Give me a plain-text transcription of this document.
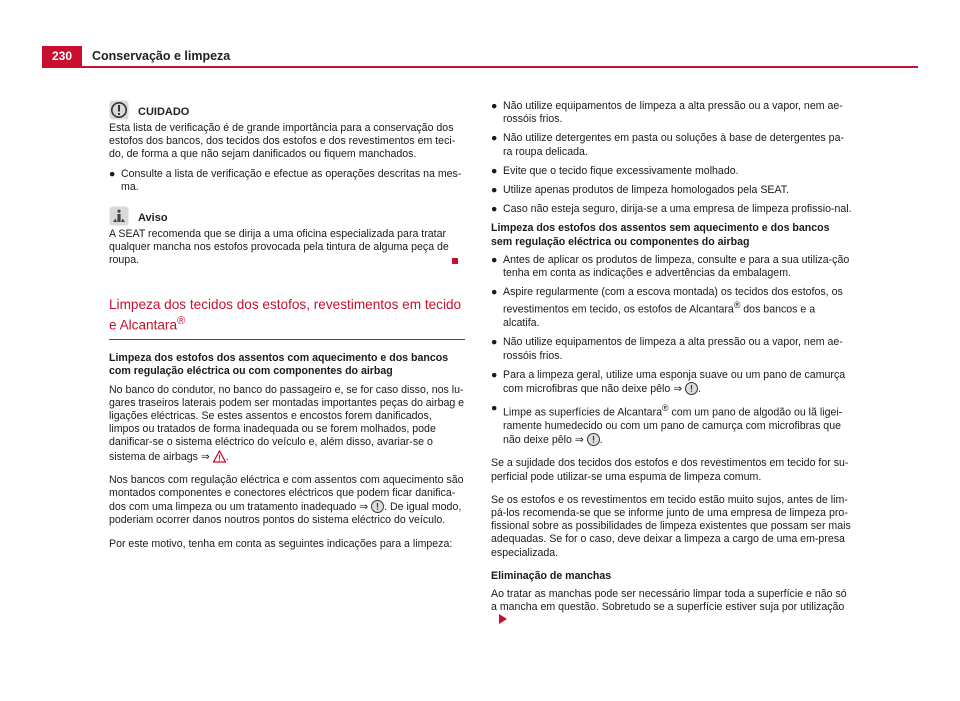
230	Conservação e limpeza
CUIDADO

Esta lista de verificação é de grande importância para a conservação dos estofos dos bancos, dos tecidos dos estofos e dos revestimentos em teci-do, de forma a que não sejam danificados ou fiquem manchados.

● Consulte a lista de verificação e efectue as operações descritas na mes-ma.
Aviso

A SEAT recomenda que se dirija a uma oficina especializada para tratar qualquer mancha nos estofos provocada pela tintura de alguma peça de roupa.

Limpeza dos tecidos dos estofos, revestimentos em tecido e Alcantara®

Limpeza dos estofos dos assentos com aquecimento e dos bancos com regulação eléctrica ou com componentes do airbag

No banco do condutor, no banco do passageiro e, se for caso disso, nos lu-gares traseiros laterais podem ser montadas importantes peças do airbag e ligações eléctricas. Se estes assentos e encostos forem danificados, limpos ou tratados de forma inadequada ou se forem molhados, pode danificar-se o sistema eléctrico do veículo e, além disso, avariar-se o sistema de airbags ⇒ .

Nos bancos com regulação eléctrica e com assentos com aquecimento são montados componentes e conectores eléctricos que podem ficar danifica-dos com uma limpeza ou um tratamento inadequado ⇒ . De igual modo, poderiam ocorrer danos noutros pontos do sistema eléctrico do veículo.

Por este motivo, tenha em conta as seguintes indicações para a limpeza:

● Não utilize equipamentos de limpeza a alta pressão ou a vapor, nem ae-rossóis frios.
● Não utilize detergentes em pasta ou soluções à base de detergentes pa-ra roupa delicada.
● Evite que o tecido fique excessivamente molhado.
● Utilize apenas produtos de limpeza homologados pela SEAT.
● Caso não esteja seguro, dirija-se a uma empresa de limpeza profissio-nal.

Limpeza dos estofos dos assentos sem aquecimento e dos bancos sem regulação eléctrica ou componentes do airbag

● Antes de aplicar os produtos de limpeza, consulte e para a sua utiliza-ção tenha em conta as indicações e advertências da embalagem.
● Aspire regularmente (com a escova montada) os tecidos dos estofos, os revestimentos em tecido, os estofos de Alcantara® dos bancos e a alcatifa.
● Não utilize equipamentos de limpeza a alta pressão ou a vapor, nem ae-rossóis frios.
● Para a limpeza geral, utilize uma esponja suave ou um pano de camurça com microfibras que não deixe pêlo ⇒ .
● Limpe as superfícies de Alcantara® com um pano de algodão ou lã ligei-ramente humedecido ou com um pano de camurça com microfibras que não deixe pêlo ⇒ .

Se a sujidade dos tecidos dos estofos e dos revestimentos em tecido for su-perficial pode utilizar-se uma espuma de limpeza comum.

Se os estofos e os revestimentos em tecido estão muito sujos, antes de lim-pá-los recomenda-se que se informe junto de uma empresa de limpeza pro-fissional sobre as possibilidades de limpeza existentes que possam ser mais adequadas. Se for o caso, deve deixar a limpeza a cargo de uma em-presa especializada.

Eliminação de manchas

Ao tratar as manchas pode ser necessário limpar toda a superfície e não só a mancha em questão. Sobretudo se a superfície estiver suja por utilização
